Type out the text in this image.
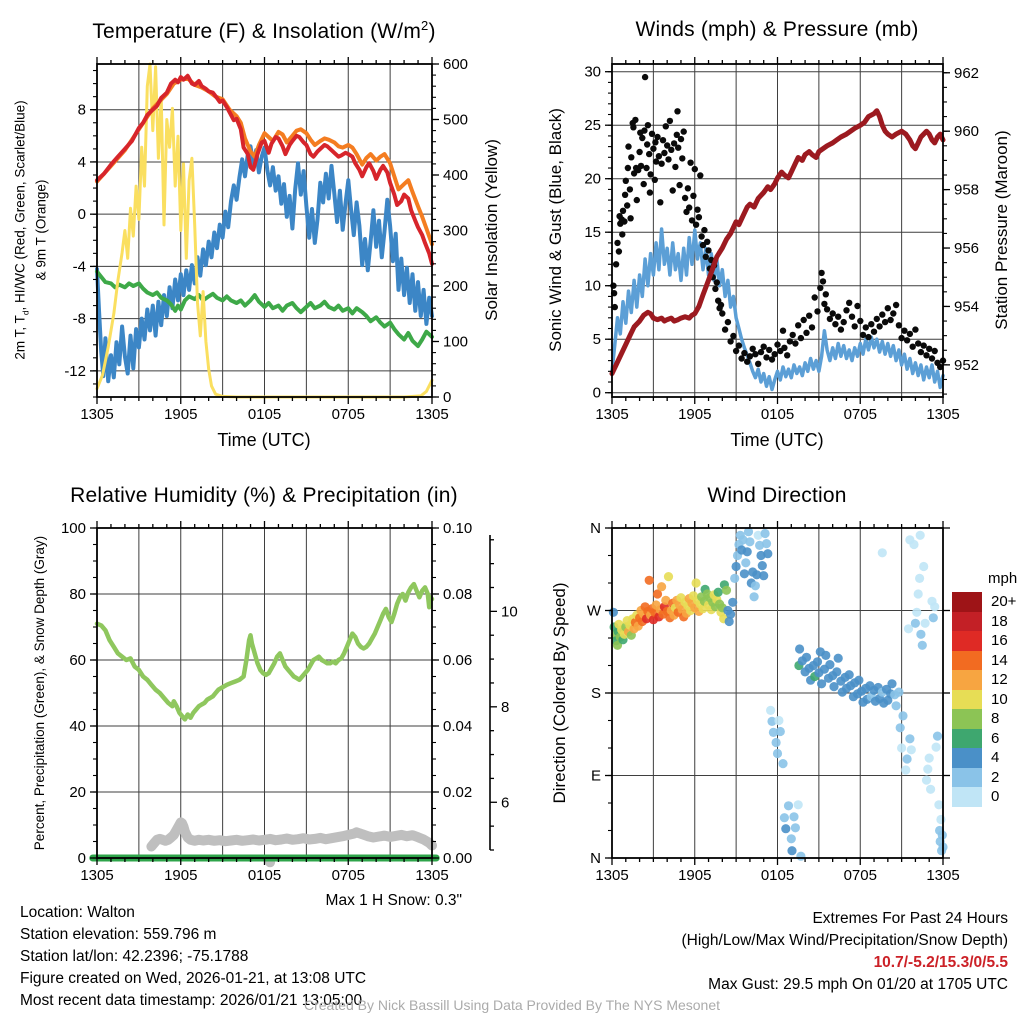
1305	1905	0105	0705	1305
8
4
0
-4
-8
-12
600
500
400
300
200
100
0
1305	1905	0105	0705	1305
30
25
20
15
10
5
0
962
960
958
956
954
952
1305	1905	0105	0705	1305
100
80
60
40
20
0
0.10
0.08
0.06
0.04
0.02
0.00
10
8
6
1305	1905	0105	0705	1305
N
W
S
E
N
Temperature (F) & Insolation $(W/m^2)$
2m T, $T_d$, HI/WC (Red, Green, Scarlet/Blue) & 9m T (Orange)	Solar Insolation (Yellow)
Time (UTC)
Winds (mph) & Pressure (mb)
Sonic Wind & Gust (Blue, Black)	Station Pressure (Maroon)
Time (UTC)
Relative Humidity (%) & Precipitation (in)
Percent, Precipitation (Green), & Snow Depth (Gray)
Max 1 H Snow: 0.3"
Wind Direction
Direction (Colored By Speed)
mph
20+
18
16
14
12
10
8
6
4
2
0
Location: Walton
Station elevation: 559.796 m
Station lat/lon: 42.2396; -75.1788
Figure created on Wed, 2026-01-21, at 13:08 UTC
Most recent data timestamp: 2026/01/21 13:05:00
Extremes For Past 24 Hours
(High/Low/Max Wind/Precipitation/Snow Depth)
10.7/-5.2/15.3/0/5.5
Max Gust: 29.5 mph On 01/20 at 1705 UTC
Created By Nick Bassill Using Data Provided By The NYS Mesonet
